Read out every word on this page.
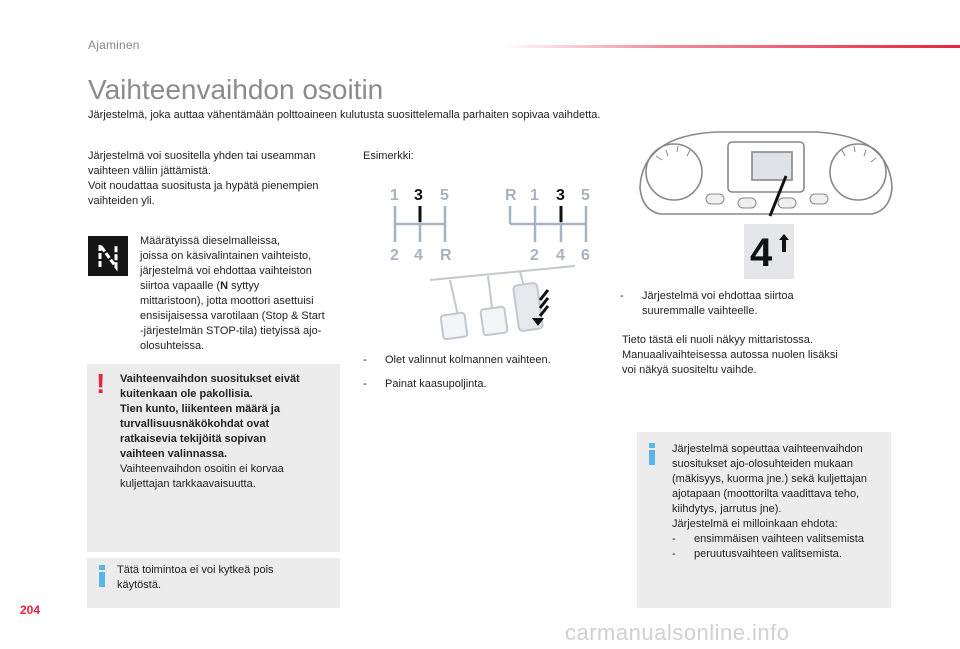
Ajaminen
Vaihteenvaihdon osoitin
Järjestelmä, joka auttaa vähentämään polttoaineen kulutusta suosittelemalla parhaiten sopivaa vaihdetta.
Järjestelmä voi suositella yhden tai useamman
vaihteen väliin jättämistä.
Voit noudattaa suositusta ja hypätä pienempien
vaihteiden yli.
Määrätyissä dieselmalleissa,
joissa on käsivalintainen vaihteisto,
järjestelmä voi ehdottaa vaihteiston
siirtoa vapaalle (N syttyy
mittaristoon), jotta moottori asettuisi
ensisijaisessa varotilaan (Stop & Start
-järjestelmän STOP-tila) tietyissä ajo-
olosuhteissa.
! Vaihteenvaihdon suositukset eivät
kuitenkaan ole pakollisia.
Tien kunto, liikenteen määrä ja
turvallisuusnäkökohdat ovat
ratkaisevia tekijöitä sopivan
vaihteen valinnassa.
Vaihteenvaihdon osoitin ei korvaa
kuljettajan tarkkaavaisuutta.
Tätä toimintoa ei voi kytkeä pois
käytöstä.
Esimerkki:
1 3 5
2 4 R
R 1 3 5
2 4 6
- Olet valinnut kolmannen vaihteen.
- Painat kaasupoljinta.
4
- Järjestelmä voi ehdottaa siirtoa
suuremmalle vaihteelle.
Tieto tästä eli nuoli näkyy mittaristossa.
Manuaalivaihteisessa autossa nuolen lisäksi
voi näkyä suositeltu vaihde.
Järjestelmä sopeuttaa vaihteenvaihdon
suositukset ajo-olosuhteiden mukaan
(mäkisyys, kuorma jne.) sekä kuljettajan
ajotapaan (moottorilta vaadittava teho,
kiihdytys, jarrutus jne).
Järjestelmä ei milloinkaan ehdota:
- ensimmäisen vaihteen valitsemista
- peruutusvaihteen valitsemista.
204
carmanualsonline.info
